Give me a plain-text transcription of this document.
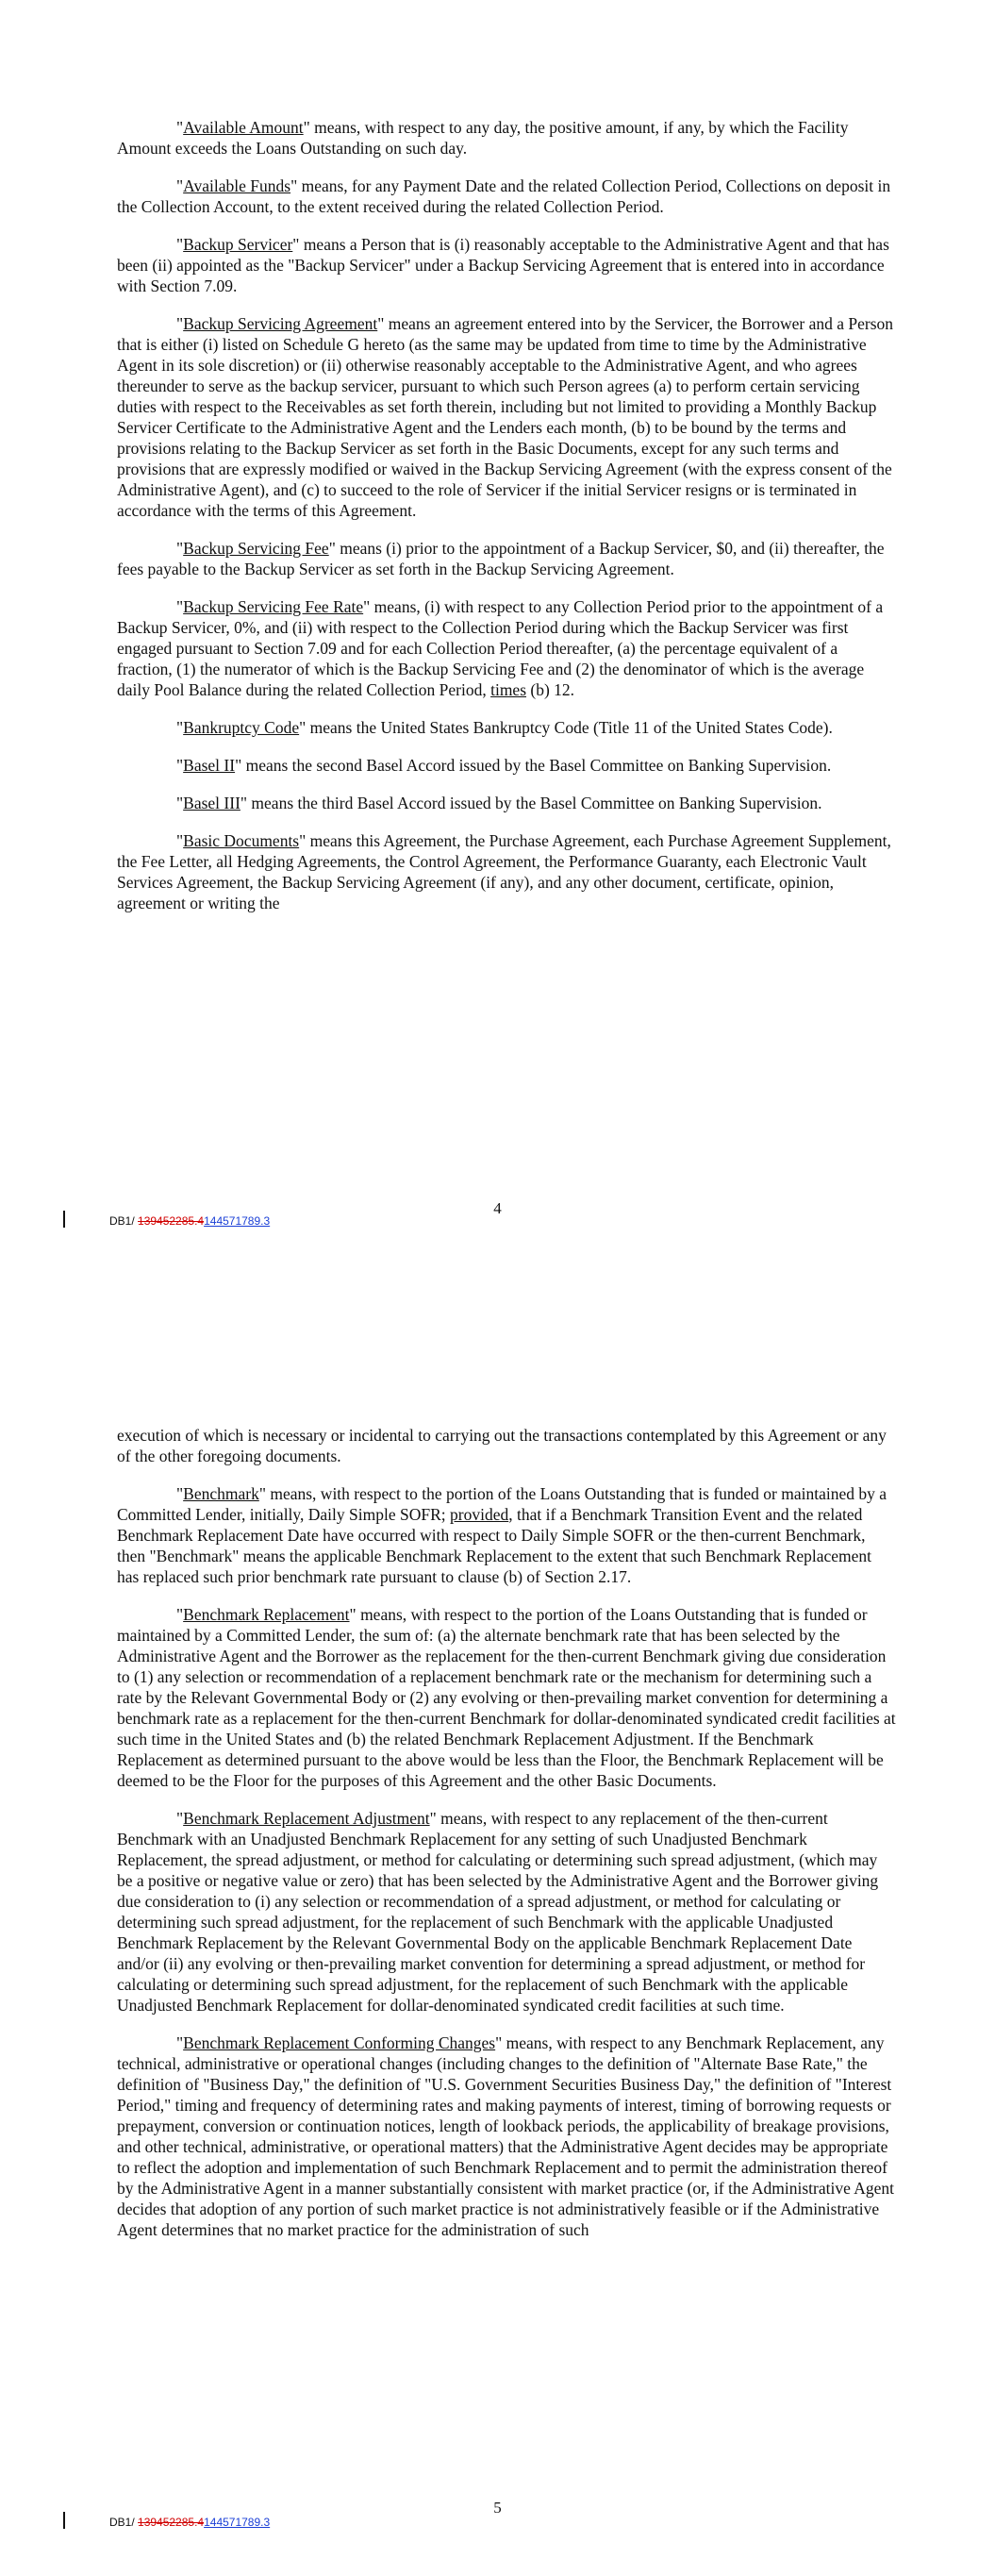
"Available Amount" means, with respect to any day, the positive amount, if any, by which the Facility Amount exceeds the Loans Outstanding on such day.

"Available Funds" means, for any Payment Date and the related Collection Period, Collections on deposit in the Collection Account, to the extent received during the related Collection Period.

"Backup Servicer" means a Person that is (i) reasonably acceptable to the Administrative Agent and that has been (ii) appointed as the "Backup Servicer" under a Backup Servicing Agreement that is entered into in accordance with Section 7.09.

"Backup Servicing Agreement" means an agreement entered into by the Servicer, the Borrower and a Person that is either (i) listed on Schedule G hereto (as the same may be updated from time to time by the Administrative Agent in its sole discretion) or (ii) otherwise reasonably acceptable to the Administrative Agent, and who agrees thereunder to serve as the backup servicer, pursuant to which such Person agrees (a) to perform certain servicing duties with respect to the Receivables as set forth therein, including but not limited to providing a Monthly Backup Servicer Certificate to the Administrative Agent and the Lenders each month, (b) to be bound by the terms and provisions relating to the Backup Servicer as set forth in the Basic Documents, except for any such terms and provisions that are expressly modified or waived in the Backup Servicing Agreement (with the express consent of the Administrative Agent), and (c) to succeed to the role of Servicer if the initial Servicer resigns or is terminated in accordance with the terms of this Agreement.

"Backup Servicing Fee" means (i) prior to the appointment of a Backup Servicer, $0, and (ii) thereafter, the fees payable to the Backup Servicer as set forth in the Backup Servicing Agreement.

"Backup Servicing Fee Rate" means, (i) with respect to any Collection Period prior to the appointment of a Backup Servicer, 0%, and (ii) with respect to the Collection Period during which the Backup Servicer was first engaged pursuant to Section 7.09 and for each Collection Period thereafter, (a) the percentage equivalent of a fraction, (1) the numerator of which is the Backup Servicing Fee and (2) the denominator of which is the average daily Pool Balance during the related Collection Period, times (b) 12.

"Bankruptcy Code" means the United States Bankruptcy Code (Title 11 of the United States Code).

"Basel II" means the second Basel Accord issued by the Basel Committee on Banking Supervision.

"Basel III" means the third Basel Accord issued by the Basel Committee on Banking Supervision.

"Basic Documents" means this Agreement, the Purchase Agreement, each Purchase Agreement Supplement, the Fee Letter, all Hedging Agreements, the Control Agreement, the Performance Guaranty, each Electronic Vault Services Agreement, the Backup Servicing Agreement (if any), and any other document, certificate, opinion, agreement or writing the

4
DB1/ 139452285.4144571789.3

execution of which is necessary or incidental to carrying out the transactions contemplated by this Agreement or any of the other foregoing documents.

"Benchmark" means, with respect to the portion of the Loans Outstanding that is funded or maintained by a Committed Lender, initially, Daily Simple SOFR; provided, that if a Benchmark Transition Event and the related Benchmark Replacement Date have occurred with respect to Daily Simple SOFR or the then-current Benchmark, then "Benchmark" means the applicable Benchmark Replacement to the extent that such Benchmark Replacement has replaced such prior benchmark rate pursuant to clause (b) of Section 2.17.

"Benchmark Replacement" means, with respect to the portion of the Loans Outstanding that is funded or maintained by a Committed Lender, the sum of: (a) the alternate benchmark rate that has been selected by the Administrative Agent and the Borrower as the replacement for the then-current Benchmark giving due consideration to (1) any selection or recommendation of a replacement benchmark rate or the mechanism for determining such a rate by the Relevant Governmental Body or (2) any evolving or then-prevailing market convention for determining a benchmark rate as a replacement for the then-current Benchmark for dollar-denominated syndicated credit facilities at such time in the United States and (b) the related Benchmark Replacement Adjustment. If the Benchmark Replacement as determined pursuant to the above would be less than the Floor, the Benchmark Replacement will be deemed to be the Floor for the purposes of this Agreement and the other Basic Documents.

"Benchmark Replacement Adjustment" means, with respect to any replacement of the then-current Benchmark with an Unadjusted Benchmark Replacement for any setting of such Unadjusted Benchmark Replacement, the spread adjustment, or method for calculating or determining such spread adjustment, (which may be a positive or negative value or zero) that has been selected by the Administrative Agent and the Borrower giving due consideration to (i) any selection or recommendation of a spread adjustment, or method for calculating or determining such spread adjustment, for the replacement of such Benchmark with the applicable Unadjusted Benchmark Replacement by the Relevant Governmental Body on the applicable Benchmark Replacement Date and/or (ii) any evolving or then-prevailing market convention for determining a spread adjustment, or method for calculating or determining such spread adjustment, for the replacement of such Benchmark with the applicable Unadjusted Benchmark Replacement for dollar-denominated syndicated credit facilities at such time.

"Benchmark Replacement Conforming Changes" means, with respect to any Benchmark Replacement, any technical, administrative or operational changes (including changes to the definition of "Alternate Base Rate," the definition of "Business Day," the definition of "U.S. Government Securities Business Day," the definition of "Interest Period," timing and frequency of determining rates and making payments of interest, timing of borrowing requests or prepayment, conversion or continuation notices, length of lookback periods, the applicability of breakage provisions, and other technical, administrative, or operational matters) that the Administrative Agent decides may be appropriate to reflect the adoption and implementation of such Benchmark Replacement and to permit the administration thereof by the Administrative Agent in a manner substantially consistent with market practice (or, if the Administrative Agent decides that adoption of any portion of such market practice is not administratively feasible or if the Administrative Agent determines that no market practice for the administration of such

5
DB1/ 139452285.4144571789.3
